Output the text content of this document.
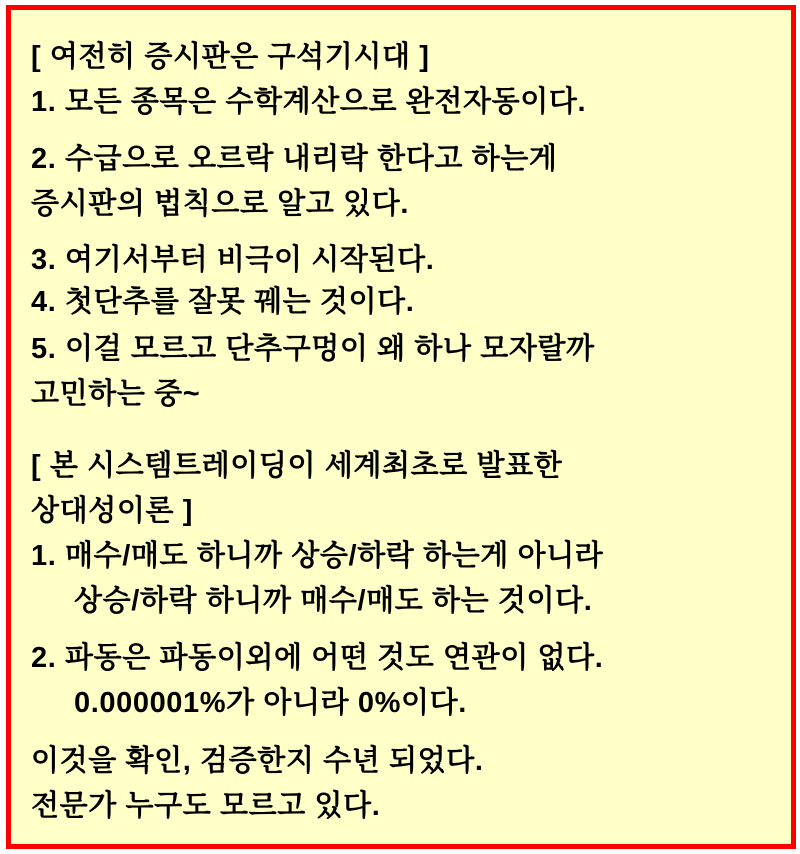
[ 여전히 증시판은 구석기시대 ]
1. 모든 종목은 수학계산으로 완전자동이다.
2. 수급으로 오르락 내리락 한다고 하는게
증시판의 법칙으로 알고 있다.
3. 여기서부터 비극이 시작된다.
4. 첫단추를 잘못 꿰는 것이다.
5. 이걸 모르고 단추구멍이 왜 하나 모자랄까
고민하는 중~
[ 본 시스템트레이딩이 세계최초로 발표한
상대성이론 ]
1. 매수/매도 하니까 상승/하락 하는게 아니라
상승/하락 하니까 매수/매도 하는 것이다.
2. 파동은 파동이외에 어떤 것도 연관이 없다.
0.000001%가 아니라 0%이다.
이것을 확인, 검증한지 수년 되었다.
전문가 누구도 모르고 있다.
